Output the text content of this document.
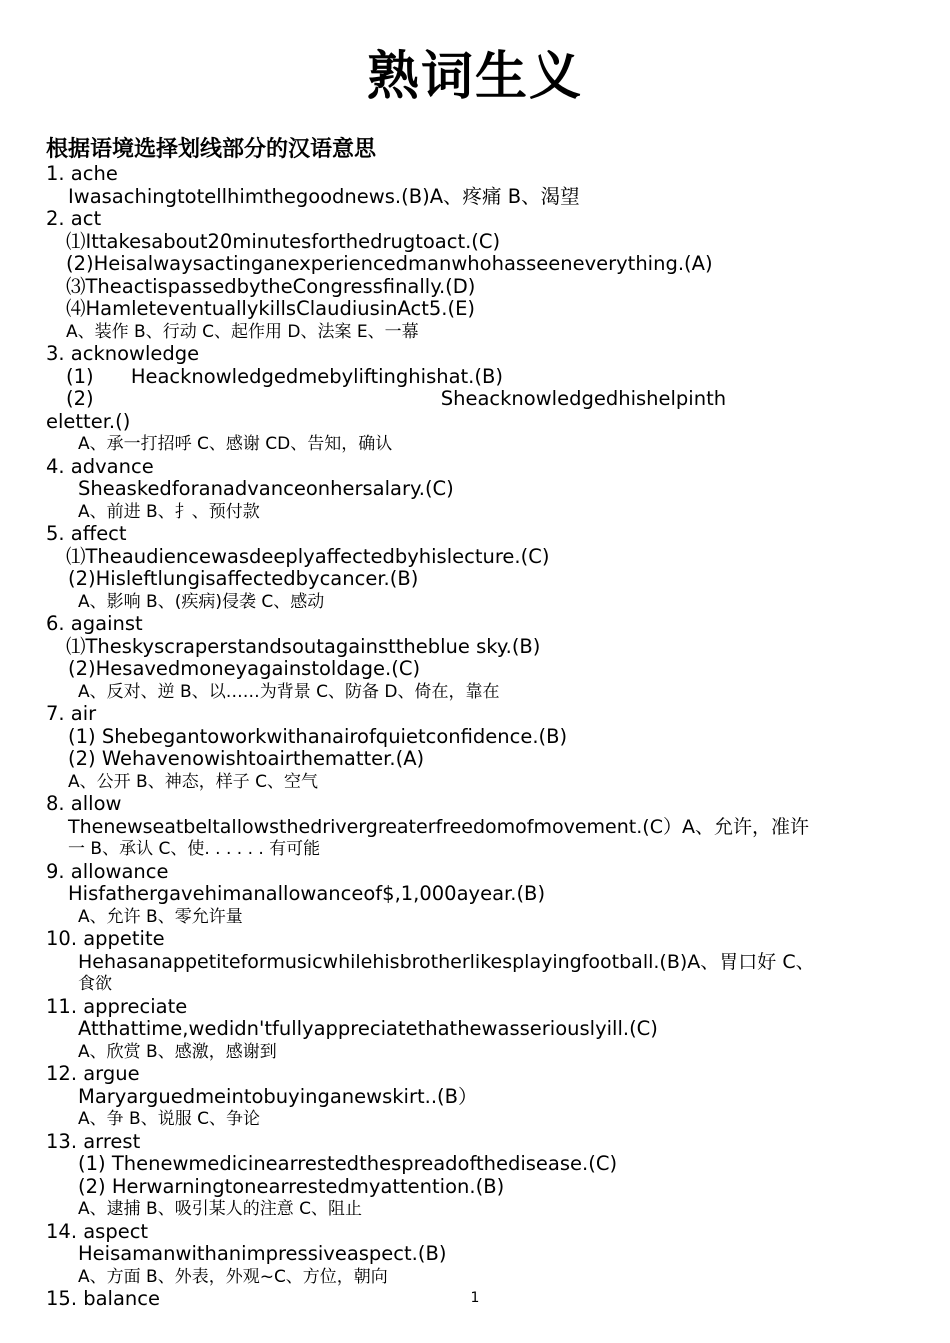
熟词生义
根据语境选择划线部分的汉语意思
1. ache
Iwasachingtotellhimthegoodnews.(B)A、疼痛 B、渴望
2. act
⑴Ittakesabout20minutesforthedrugtoact.(C)
(2)Heisalwaysactinganexperiencedmanwhohasseeneverything.(A)
⑶TheactispassedbytheCongressfinally.(D)
⑷HamleteventuallykillsClaudiusinAct5.(E)
A、装作 B、行动 C、起作用 D、法案 E、一幕
3. acknowledge
(1)      Heacknowledgedmebyliftinghishat.(B)
(2)                                                        Sheacknowledgedhishelpinth
eletter.()
A、承一打招呼 C、感谢 CD、告知，确认
4. advance
Sheaskedforanadvanceonhersalary.(C)
A、前进 B、扌、预付款
5. affect
⑴Theaudiencewasdeeplyaffectedbyhislecture.(C)
(2)Hisleftlungisaffectedbycancer.(B)
A、影响 B、(疾病)侵袭 C、感动
6. against
⑴Theskyscraperstandsoutagainsttheblue sky.(B)
(2)Hesavedmoneyagainstoldage.(C)
A、反对、逆 B、以……为背景 C、防备 D、倚在，靠在
7. air
(1) Shebegantoworkwithanairofquietconfidence.(B)
(2) Wehavenowishtoairthematter.(A)
A、公开 B、神态，样子 C、空气
8. allow
Thenewseatbeltallowsthedrivergreaterfreedomofmovement.(C）A、允许，准许
一 B、承认 C、使. . . . . . 有可能
9. allowance
Hisfathergavehimanallowanceof$,1,000ayear.(B)
A、允许 B、零允许量
10. appetite
Hehasanappetiteformusicwhilehisbrotherlikesplayingfootball.(B)A、胃口好 C、
食欲
11. appreciate
Atthattime,wedidn'tfullyappreciatethathewasseriouslyill.(C)
A、欣赏 B、感激，感谢到
12. argue
Maryarguedmeintobuyinganewskirt..(B）
A、争 B、说服 C、争论
13. arrest
(1) Thenewmedicinearrestedthespreadofthedisease.(C)
(2) Herwarningtonearrestedmyattention.(B)
A、逮捕 B、吸引某人的注意 C、阻止
14. aspect
Heisamanwithanimpressiveaspect.(B)
A、方面 B、外表，外观~C、方位，朝向
15. balance	1
